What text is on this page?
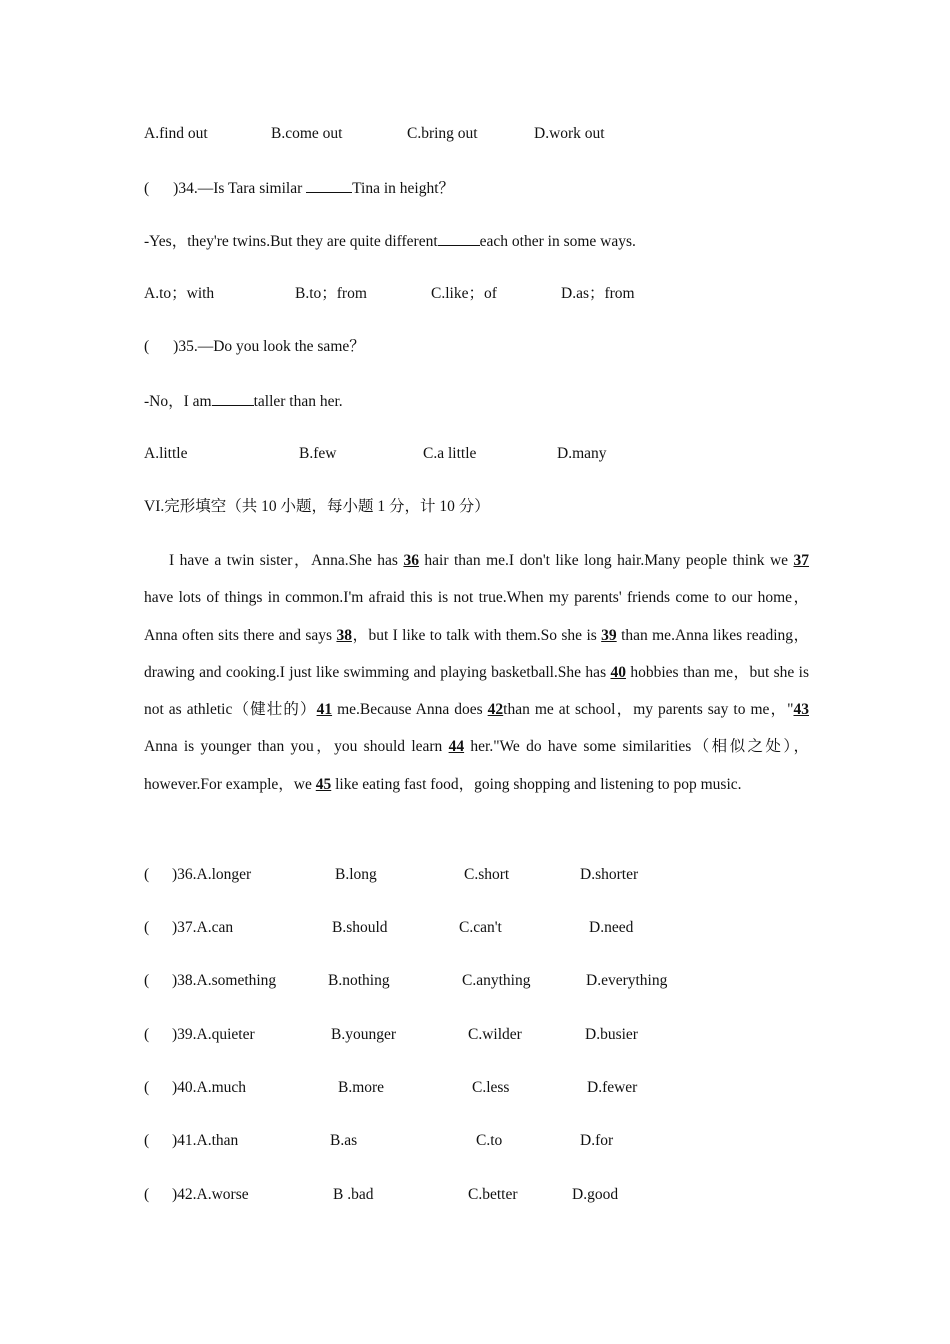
A.find out	B.come out	C.bring out	D.work out
( )34.—Is Tara similar	Tina in height？
-Yes，they're twins.But they are quite different	each other in some ways.
A.to；with	B.to；from	C.like；of	D.as；from
( )35.—Do you look the same？
-No，I am	taller than her.
A.little	B.few	C.a little	D.many
VI.完形填空（共 10 小题，每小题 1 分，计 10 分）
I have a twin sister，Anna.She has 36 hair than me.I don't like long hair.Many people think we 37 have lots of things in common.I'm afraid this is not true.When my parents' friends come to our home，Anna often sits there and says 38，but I like to talk with them.So she is 39 than me.Anna likes reading，drawing and cooking.I just like swimming and playing basketball.She has 40 hobbies than me，but she is not as athletic（健壮的）41 me.Because Anna does 42than me at school，my parents say to me，"43 Anna is younger than you，you should learn 44 her."We do have some similarities（相似之处），however.For example，we 45 like eating fast food，going shopping and listening to pop music.
( )36.A.longer	B.long	C.short	D.shorter
( )37.A.can	B.should	C.can't	D.need
( )38.A.something	B.nothing	C.anything	D.everything
( )39.A.quieter	B.younger	C.wilder	D.busier
( )40.A.much	B.more	C.less	D.fewer
( )41.A.than	B.as	C.to	D.for
( )42.A.worse	B .bad	C.better	D.good
